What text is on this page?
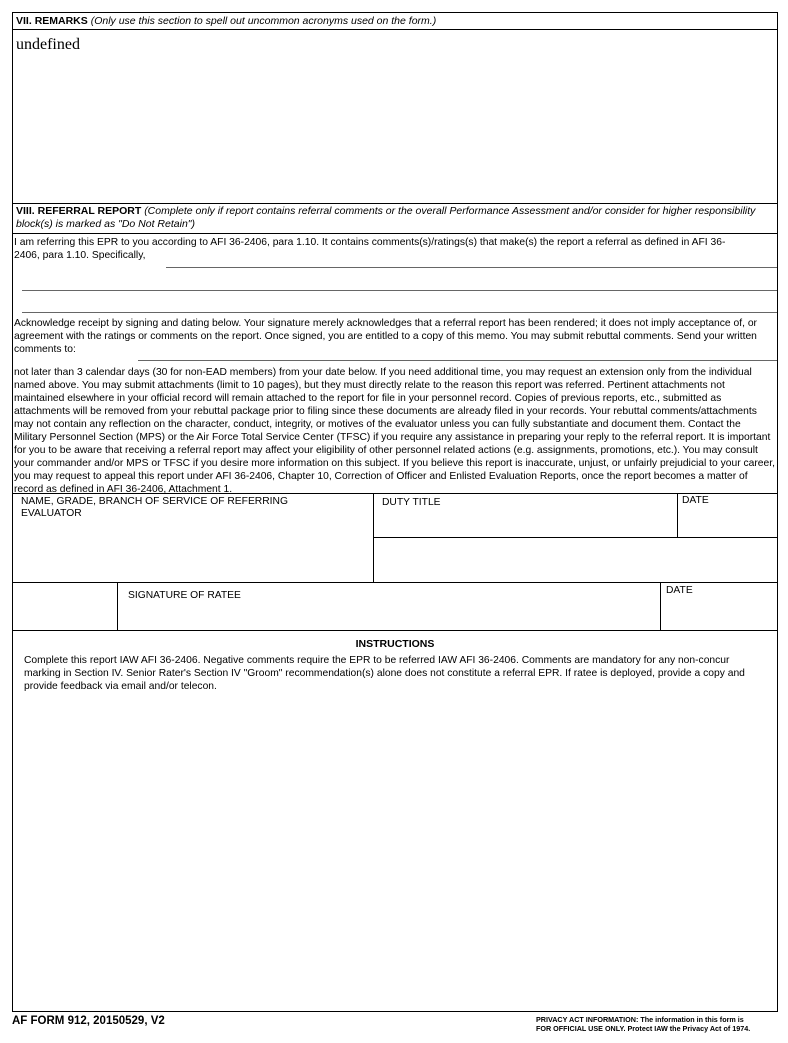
VII. REMARKS (Only use this section to spell out uncommon acronyms used on the form.)
undefined
VIII. REFERRAL REPORT (Complete only if report contains referral comments or the overall Performance Assessment and/or consider for higher responsibility block(s) is marked as "Do Not Retain")
I am referring this EPR to you according to AFI 36-2406, para 1.10. It contains comments(s)/ratings(s) that make(s) the report a referral as defined in AFI 36-2406, para 1.10. Specifically,
Acknowledge receipt by signing and dating below. Your signature merely acknowledges that a referral report has been rendered; it does not imply acceptance of, or agreement with the ratings or comments on the report. Once signed, you are entitled to a copy of this memo. You may submit rebuttal comments. Send your written comments to:
not later than 3 calendar days (30 for non-EAD members) from your date below. If you need additional time, you may request an extension only from the individual named above. You may submit attachments (limit to 10 pages), but they must directly relate to the reason this report was referred. Pertinent attachments not maintained elsewhere in your official record will remain attached to the report for file in your personnel record. Copies of previous reports, etc., submitted as attachments will be removed from your rebuttal package prior to filing since these documents are already filed in your records. Your rebuttal comments/attachments may not contain any reflection on the character, conduct, integrity, or motives of the evaluator unless you can fully substantiate and document them. Contact the Military Personnel Section (MPS) or the Air Force Total Service Center (TFSC) if you require any assistance in preparing your reply to the referral report. It is important for you to be aware that receiving a referral report may affect your eligibility of other personnel related actions (e.g. assignments, promotions, etc.). You may consult your commander and/or MPS or TFSC if you desire more information on this subject. If you believe this report is inaccurate, unjust, or unfairly prejudicial to your career, you may request to appeal this report under AFI 36-2406, Chapter 10, Correction of Officer and Enlisted Evaluation Reports, once the report becomes a matter of record as defined in AFI 36-2406, Attachment 1.
NAME, GRADE, BRANCH OF SERVICE OF REFERRING EVALUATOR
DUTY TITLE	DATE
SIGNATURE OF RATEE	DATE
INSTRUCTIONS
Complete this report IAW AFI 36-2406. Negative comments require the EPR to be referred IAW AFI 36-2406. Comments are mandatory for any non-concur marking in Section IV. Senior Rater's Section IV "Groom" recommendation(s) alone does not constitute a referral EPR. If ratee is deployed, provide a copy and provide feedback via email and/or telecon.
AF FORM 912, 20150529, V2	PRIVACY ACT INFORMATION: The information in this form is
FOR OFFICIAL USE ONLY. Protect IAW the Privacy Act of 1974.
